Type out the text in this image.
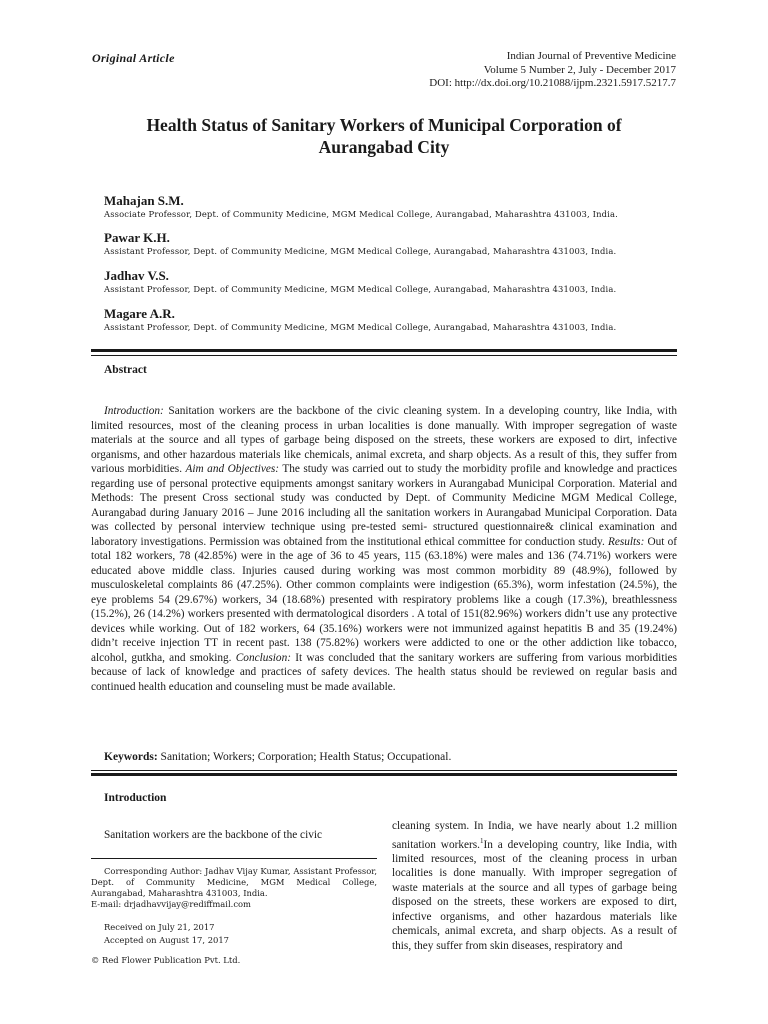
Original Article	Indian Journal of Preventive Medicine
Volume 5 Number 2, July - December 2017
DOI: http://dx.doi.org/10.21088/ijpm.2321.5917.5217.7
Health Status of Sanitary Workers of Municipal Corporation of
Aurangabad City
Mahajan S.M.
Associate Professor, Dept. of Community Medicine, MGM Medical College, Aurangabad, Maharashtra 431003, India.
Pawar K.H.
Assistant Professor, Dept. of Community Medicine, MGM Medical College, Aurangabad, Maharashtra 431003, India.
Jadhav V.S.
Assistant Professor, Dept. of Community Medicine, MGM Medical College, Aurangabad, Maharashtra 431003, India.
Magare A.R.
Assistant Professor, Dept. of Community Medicine, MGM Medical College, Aurangabad, Maharashtra 431003, India.
Abstract

Introduction: Sanitation workers are the backbone of the civic cleaning system. In a developing country, like India, with limited resources, most of the cleaning process in urban localities is done manually. With improper segregation of waste materials at the source and all types of garbage being disposed on the streets, these workers are exposed to dirt, infective organisms, and other hazardous materials like chemicals, animal excreta, and sharp objects. As a result of this, they suffer from various morbidities. Aim and Objectives: The study was carried out to study the morbidity profile and knowledge and practices regarding use of personal protective equipments amongst sanitary workers in Aurangabad Municipal Corporation. Material and Methods: The present Cross sectional study was conducted by Dept. of Community Medicine MGM Medical College, Aurangabad during January 2016 – June 2016 including all the sanitation workers in Aurangabad Municipal Corporation. Data was collected by personal interview technique using pre-tested semi- structured questionnaire& clinical examination and laboratory investigations. Permission was obtained from the institutional ethical committee for conduction study. Results: Out of total 182 workers, 78 (42.85%) were in the age of 36 to 45 years, 115 (63.18%) were males and 136 (74.71%) workers were educated above middle class. Injuries caused during working was most common morbidity 89 (48.9%), followed by musculoskeletal complaints 86 (47.25%). Other common complaints were indigestion (65.3%), worm infestation (24.5%), the eye problems 54 (29.67%) workers, 34 (18.68%) presented with respiratory problems like a cough (17.3%), breathlessness (15.2%), 26 (14.2%) workers presented with dermatological disorders . A total of 151(82.96%) workers didn’t use any protective devices while working. Out of 182 workers, 64 (35.16%) workers were not immunized against hepatitis B and 35 (19.24%) didn’t receive injection TT in recent past. 138 (75.82%) workers were addicted to one or the other addiction like tobacco, alcohol, gutkha, and smoking. Conclusion: It was concluded that the sanitary workers are suffering from various morbidities because of lack of knowledge and practices of safety devices. The health status should be reviewed on regular basis and continued health education and counseling must be made available.

Keywords: Sanitation; Workers; Corporation; Health Status; Occupational.
Introduction

Sanitation workers are the backbone of the civic

Corresponding Author: Jadhav Vijay Kumar, Assistant Professor, Dept. of Community Medicine, MGM Medical College, Aurangabad, Maharashtra 431003, India.
E-mail: drjadhavvijay@rediffmail.com

Received on July 21, 2017
Accepted on August 17, 2017
© Red Flower Publication Pvt. Ltd.

cleaning system. In India, we have nearly about 1.2 million sanitation workers.$^1$In a developing country, like India, with limited resources, most of the cleaning process in urban localities is done manually. With improper segregation of waste materials at the source and all types of garbage being disposed on the streets, these workers are exposed to dirt, infective organisms, and other hazardous materials like chemicals, animal excreta, and sharp objects. As a result of this, they suffer from skin diseases, respiratory and
